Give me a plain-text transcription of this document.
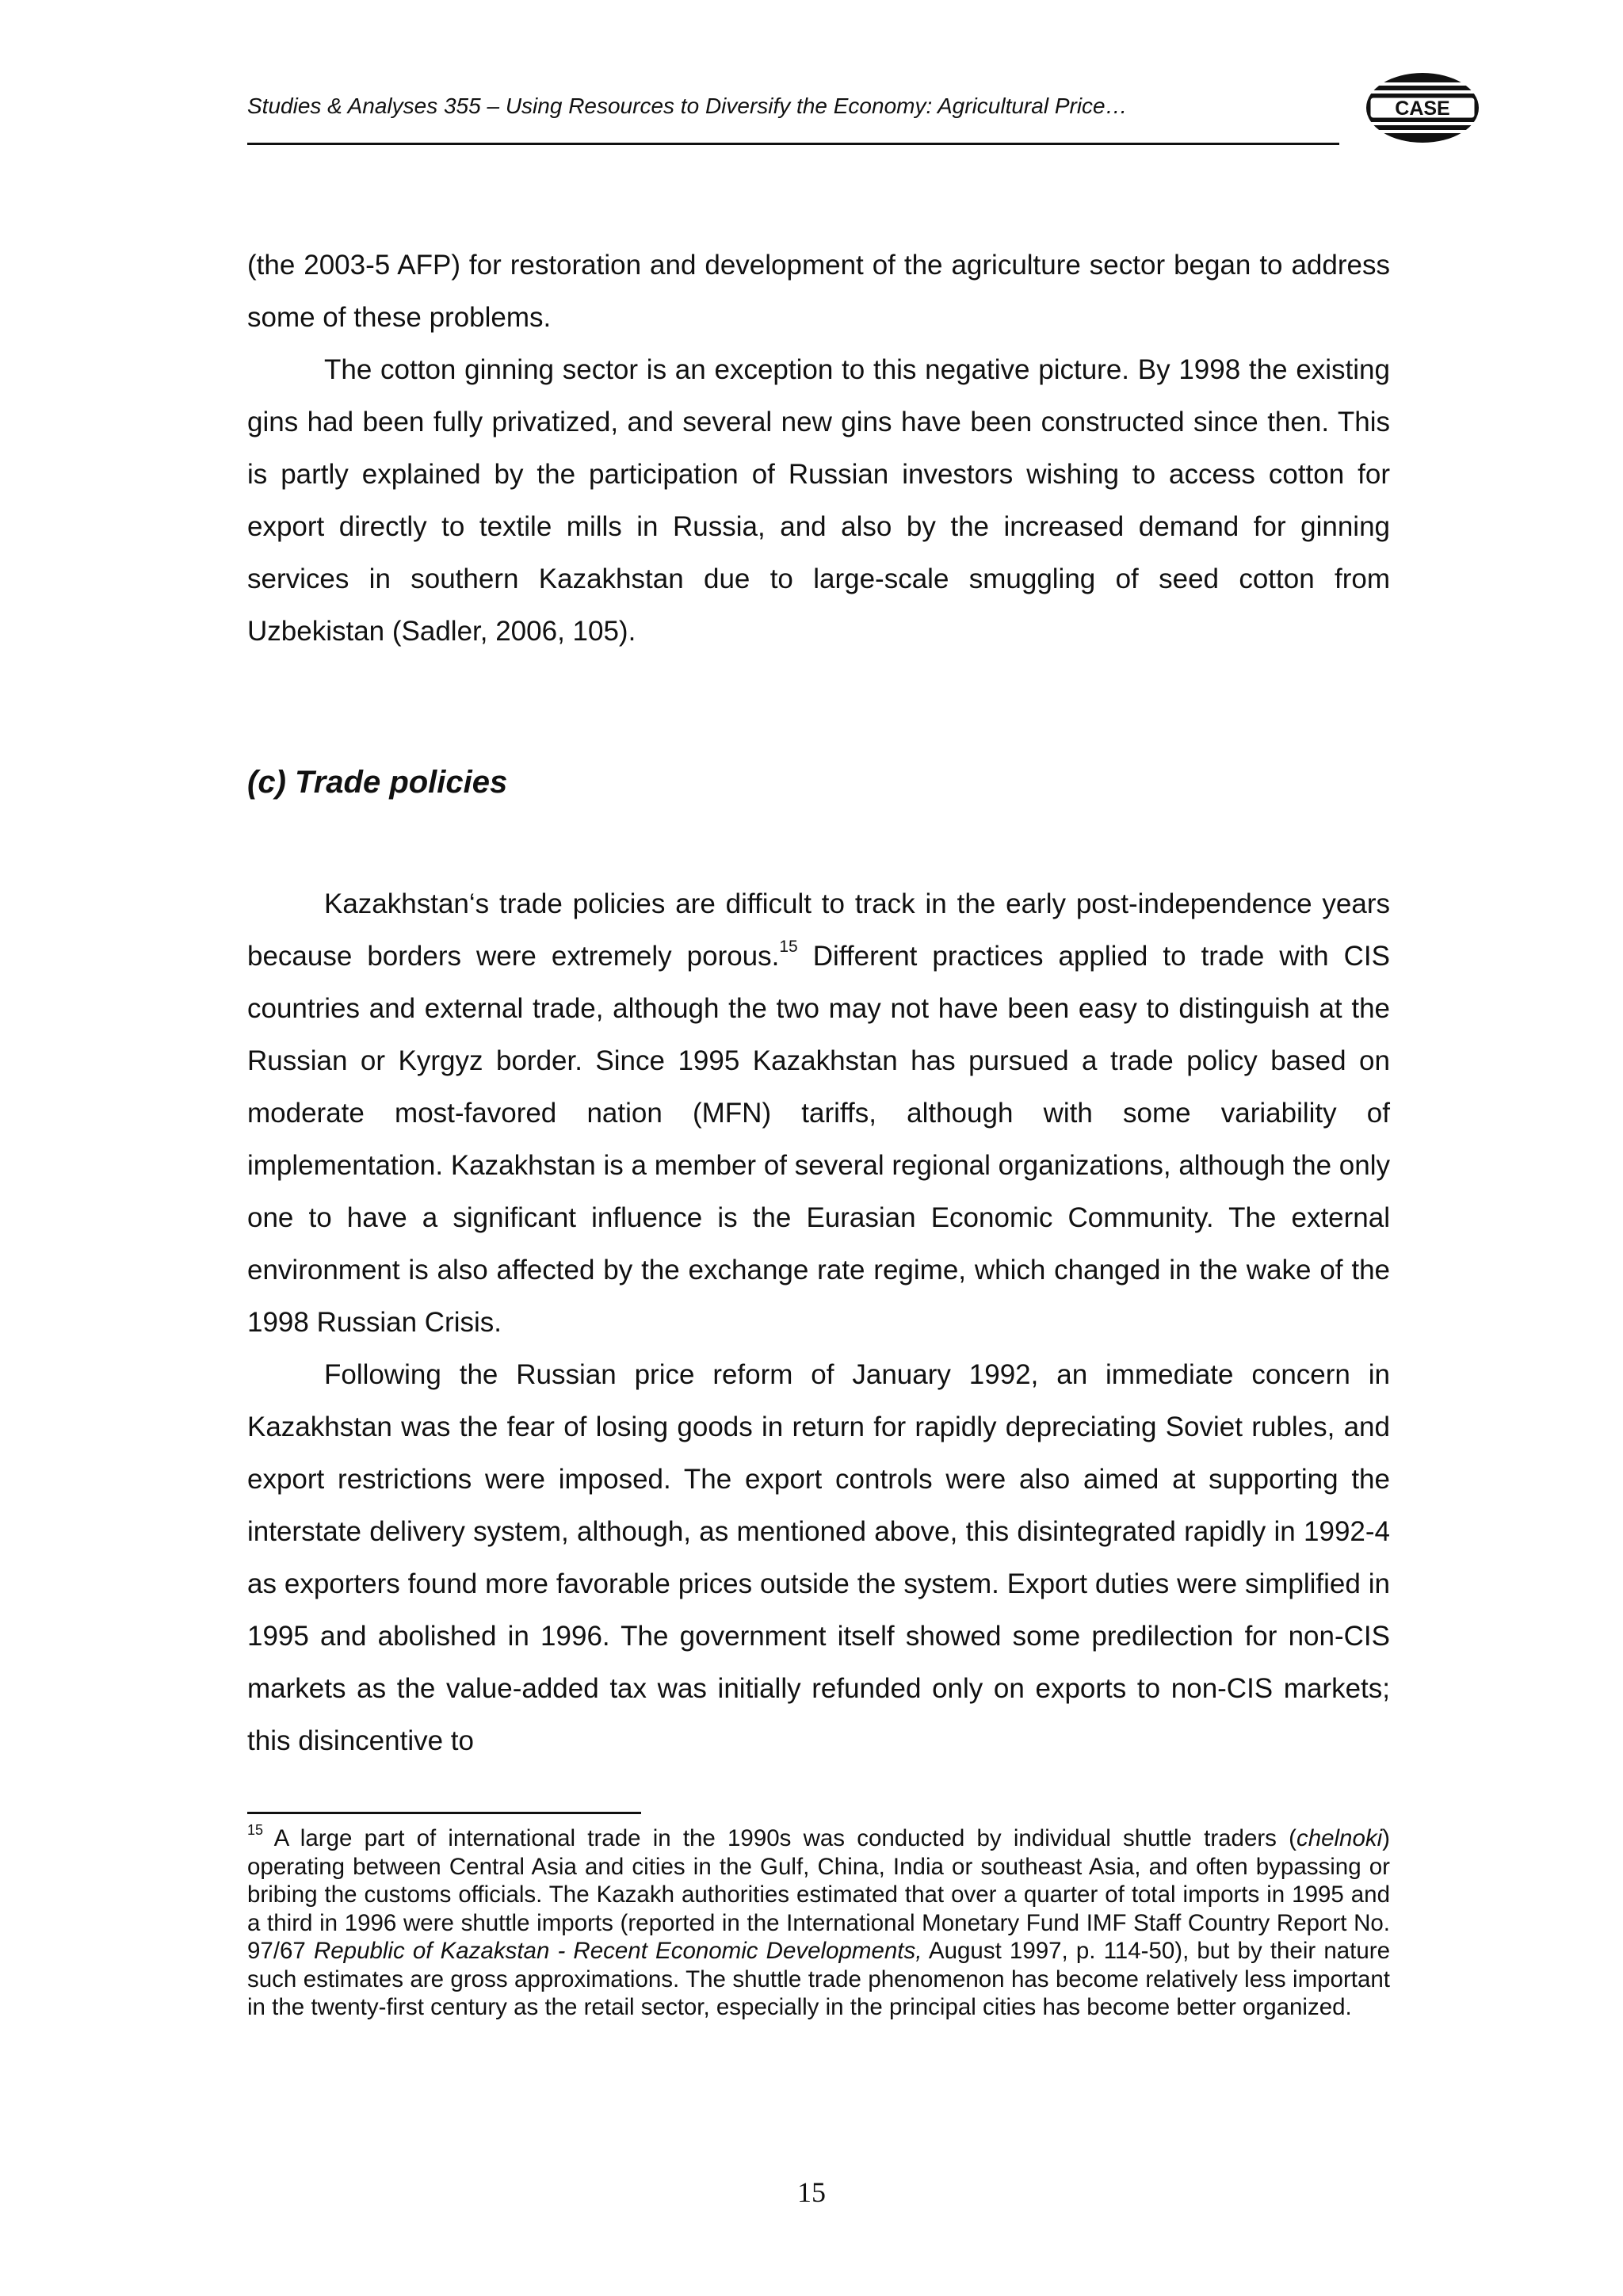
Studies & Analyses 355 – Using Resources to Diversify the Economy: Agricultural Price…	CASE

(the 2003-5 AFP) for restoration and development of the agriculture sector began to address some of these problems.

The cotton ginning sector is an exception to this negative picture. By 1998 the existing gins had been fully privatized, and several new gins have been constructed since then. This is partly explained by the participation of Russian investors wishing to access cotton for export directly to textile mills in Russia, and also by the increased demand for ginning services in southern Kazakhstan due to large-scale smuggling of seed cotton from Uzbekistan (Sadler, 2006, 105).

(c) Trade policies

Kazakhstan‘s trade policies are difficult to track in the early post-independence years because borders were extremely porous.$^{15}$ Different practices applied to trade with CIS countries and external trade, although the two may not have been easy to distinguish at the Russian or Kyrgyz border. Since 1995 Kazakhstan has pursued a trade policy based on moderate most-favored nation (MFN) tariffs, although with some variability of implementation. Kazakhstan is a member of several regional organizations, although the only one to have a significant influence is the Eurasian Economic Community. The external environment is also affected by the exchange rate regime, which changed in the wake of the 1998 Russian Crisis.

Following the Russian price reform of January 1992, an immediate concern in Kazakhstan was the fear of losing goods in return for rapidly depreciating Soviet rubles, and export restrictions were imposed. The export controls were also aimed at supporting the interstate delivery system, although, as mentioned above, this disintegrated rapidly in 1992-4 as exporters found more favorable prices outside the system. Export duties were simplified in 1995 and abolished in 1996. The government itself showed some predilection for non-CIS markets as the value-added tax was initially refunded only on exports to non-CIS markets; this disincentive to

$^{15}$ A large part of international trade in the 1990s was conducted by individual shuttle traders (chelnoki) operating between Central Asia and cities in the Gulf, China, India or southeast Asia, and often bypassing or bribing the customs officials. The Kazakh authorities estimated that over a quarter of total imports in 1995 and a third in 1996 were shuttle imports (reported in the International Monetary Fund IMF Staff Country Report No. 97/67 Republic of Kazakstan - Recent Economic Developments, August 1997, p. 114-50), but by their nature such estimates are gross approximations. The shuttle trade phenomenon has become relatively less important in the twenty-first century as the retail sector, especially in the principal cities has become better organized.

15
